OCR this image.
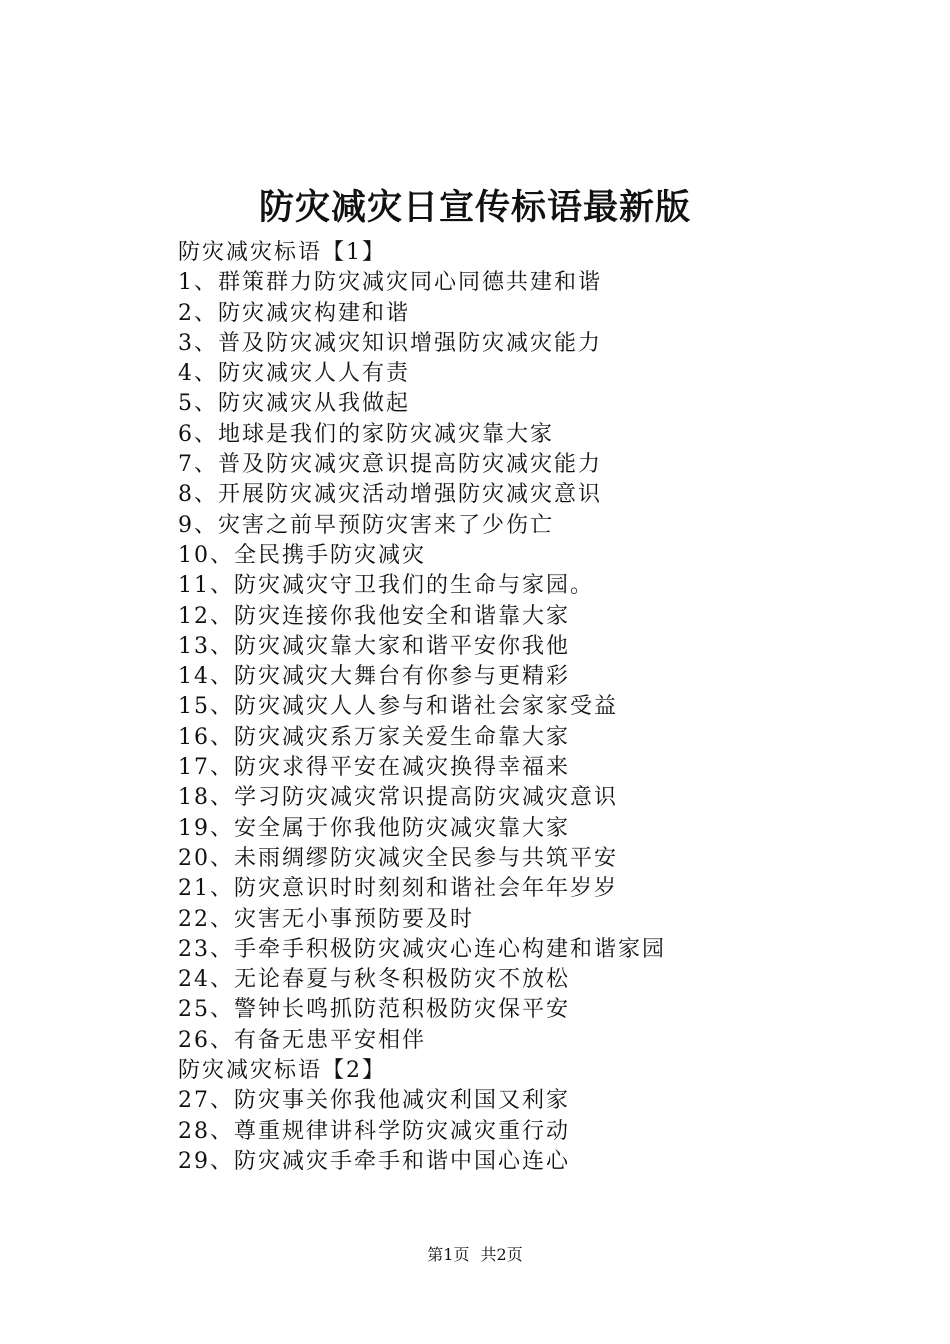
防灾减灾日宣传标语最新版
防灾减灾标语【1】
1、群策群力防灾减灾同心同德共建和谐
2、防灾减灾构建和谐
3、普及防灾减灾知识增强防灾减灾能力
4、防灾减灾人人有责
5、防灾减灾从我做起
6、地球是我们的家防灾减灾靠大家
7、普及防灾减灾意识提高防灾减灾能力
8、开展防灾减灾活动增强防灾减灾意识
9、灾害之前早预防灾害来了少伤亡
10、全民携手防灾减灾
11、防灾减灾守卫我们的生命与家园。
12、防灾连接你我他安全和谐靠大家
13、防灾减灾靠大家和谐平安你我他
14、防灾减灾大舞台有你参与更精彩
15、防灾减灾人人参与和谐社会家家受益
16、防灾减灾系万家关爱生命靠大家
17、防灾求得平安在减灾换得幸福来
18、学习防灾减灾常识提高防灾减灾意识
19、安全属于你我他防灾减灾靠大家
20、未雨绸缪防灾减灾全民参与共筑平安
21、防灾意识时时刻刻和谐社会年年岁岁
22、灾害无小事预防要及时
23、手牵手积极防灾减灾心连心构建和谐家园
24、无论春夏与秋冬积极防灾不放松
25、警钟长鸣抓防范积极防灾保平安
26、有备无患平安相伴
防灾减灾标语【2】
27、防灾事关你我他减灾利国又利家
28、尊重规律讲科学防灾减灾重行动
29、防灾减灾手牵手和谐中国心连心
第1页 共2页
